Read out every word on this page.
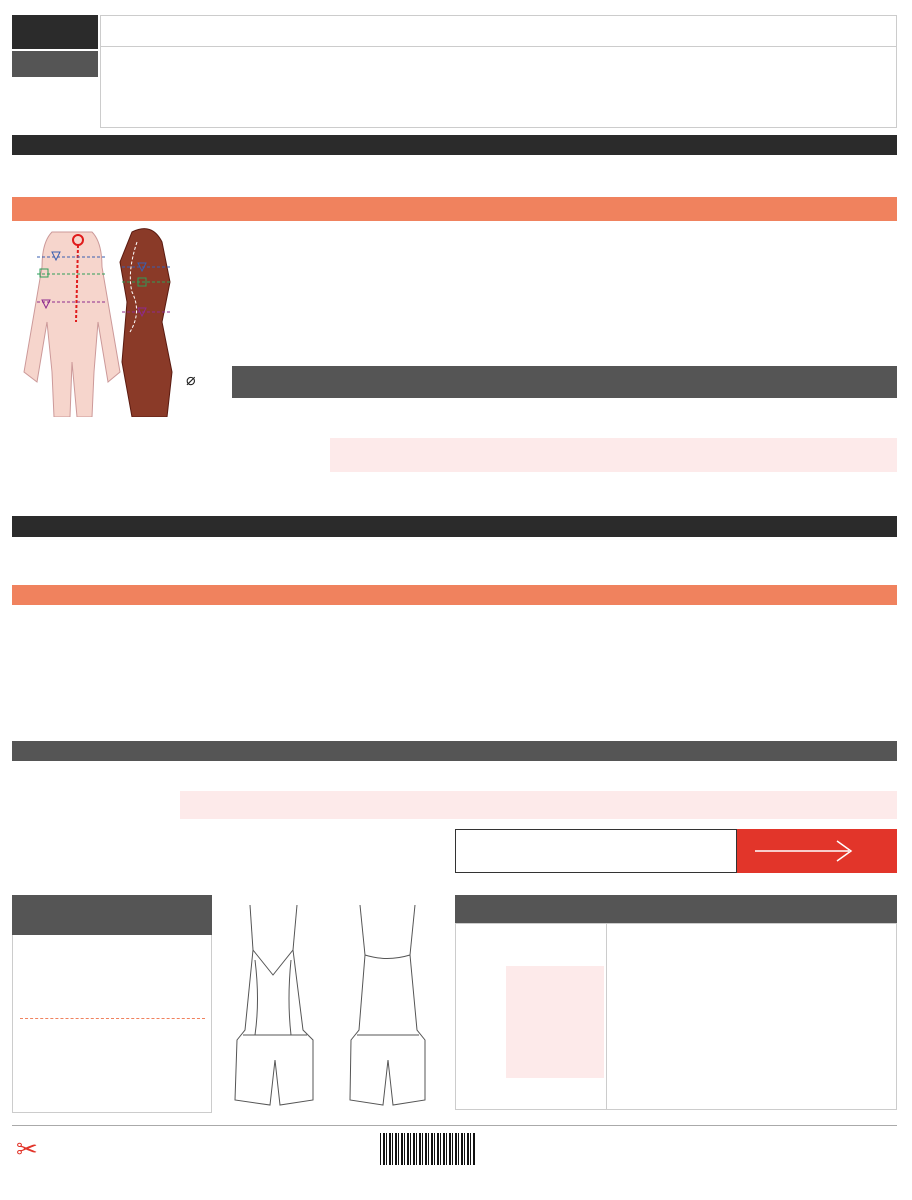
⌀
✂
